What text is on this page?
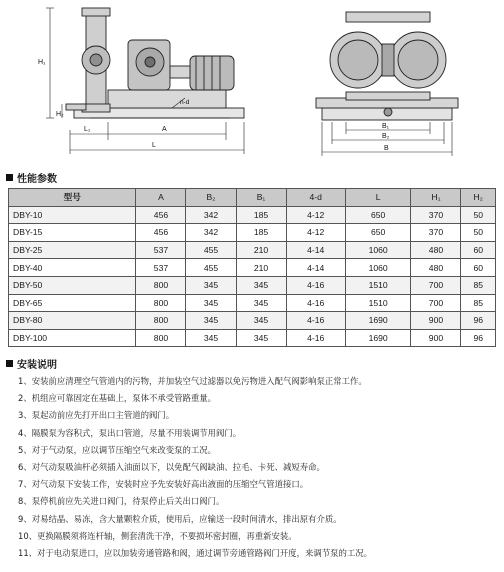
H₁
H₂
n-d
L₁	A
L
B₁
B₂
B
性能参数
型号	A	B₂	B₁	4-d	L	H₁	H₂
DBY-10	456	342	185	4-12	650	370	50
DBY-15	456	342	185	4-12	650	370	50
DBY-25	537	455	210	4-14	1060	480	60
DBY-40	537	455	210	4-14	1060	480	60
DBY-50	800	345	345	4-16	1510	700	85
DBY-65	800	345	345	4-16	1510	700	85
DBY-80	800	345	345	4-16	1690	900	96
DBY-100	800	345	345	4-16	1690	900	96
安装说明
1、安装前应清理空气管道内的污物，并加装空气过滤器以免污物进入配气阀影响泵正常工作。
2、机组应可靠固定在基础上，泵体不承受管路重量。
3、泵起动前应先打开出口主管道的阀门。
4、隔膜泵为容积式，泵出口管道，尽量不用装调节用阀门。
5、对于气动泵，应以调节压缩空气来改变泵的工况。
6、对气动泵吸油杆必须插入油面以下，以免配气阀缺油、拉毛、卡死、减短寿命。
7、对气动泵下安装工作，安装时应予先安装好高出液面的压缩空气管道接口。
8、泵停机前应先关进口阀门，待泵停止后关出口阀门。
9、对易结晶、易冻，含大量颗粒介质，使用后，应输送一段时间清水，排出原有介质。
10、更换隔膜须将连杆轴，侧套清洗干净，不要损坏密封圈，再重新安装。
11、对于电动泵进口，应以加装旁通管路和阀，通过调节旁通管路阀门开度，来调节泵的工况。
